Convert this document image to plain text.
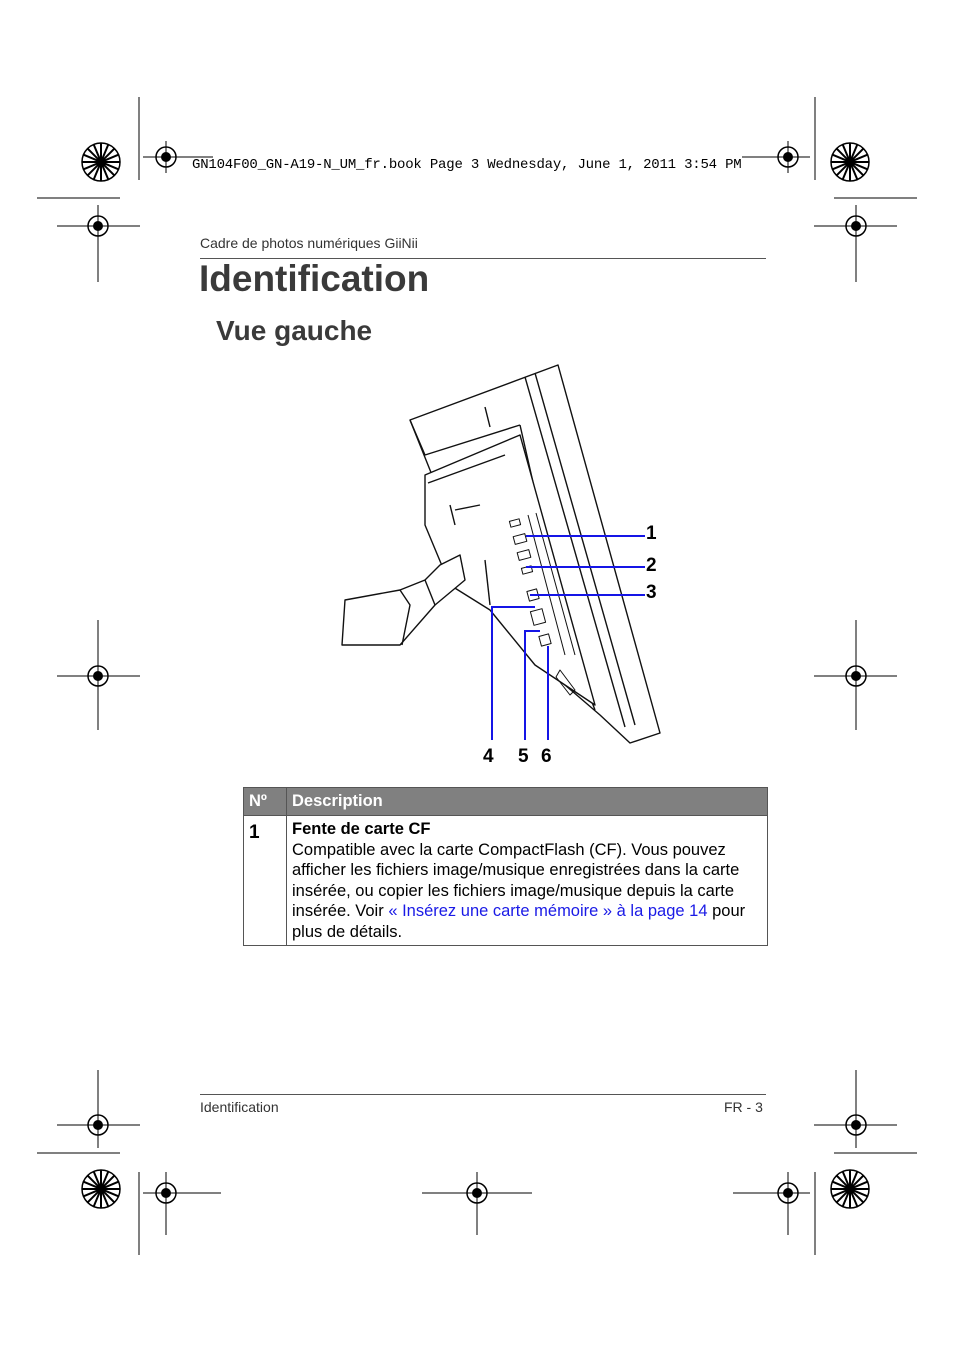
GN104F00_GN-A19-N_UM_fr.book Page 3 Wednesday, June 1, 2011 3:54 PM
Cadre de photos numériques GiiNii
Identification
Vue gauche
1
2
3
4 5 6
Nº	Description
1	Fente de carte CF
Compatible avec la carte CompactFlash (CF). Vous pouvez afficher les fichiers image/musique enregistrées dans la carte insérée, ou copier les fichiers image/musique depuis la carte insérée. Voir « Insérez une carte mémoire » à la page 14 pour plus de détails.
Identification	FR - 3
